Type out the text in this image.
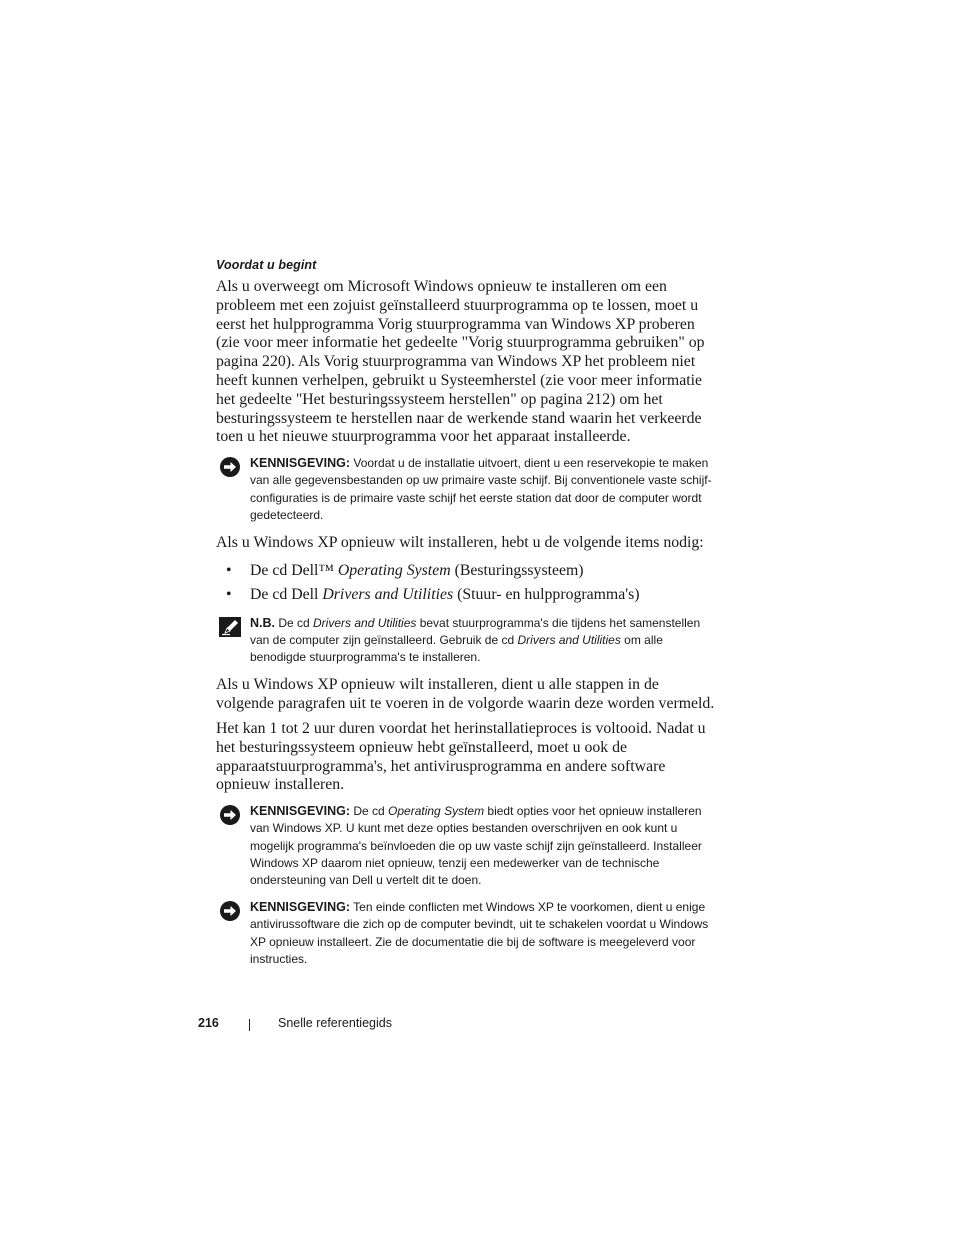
Voordat u begint

Als u overweegt om Microsoft Windows opnieuw te installeren om een probleem met een zojuist geïnstalleerd stuurprogramma op te lossen, moet u eerst het hulpprogramma Vorig stuurprogramma van Windows XP proberen (zie voor meer informatie het gedeelte "Vorig stuurprogramma gebruiken" op pagina 220). Als Vorig stuurprogramma van Windows XP het probleem niet heeft kunnen verhelpen, gebruikt u Systeemherstel (zie voor meer informatie het gedeelte "Het besturingssysteem herstellen" op pagina 212) om het besturingssysteem te herstellen naar de werkende stand waarin het verkeerde toen u het nieuwe stuurprogramma voor het apparaat installeerde.

KENNISGEVING: Voordat u de installatie uitvoert, dient u een reservekopie te maken van alle gegevensbestanden op uw primaire vaste schijf. Bij conventionele vaste schijf-configuraties is de primaire vaste schijf het eerste station dat door de computer wordt gedetecteerd.

Als u Windows XP opnieuw wilt installeren, hebt u de volgende items nodig:

• De cd Dell™ Operating System (Besturingssysteem)
• De cd Dell Drivers and Utilities (Stuur- en hulpprogramma's)
N.B. De cd Drivers and Utilities bevat stuurprogramma's die tijdens het samenstellen van de computer zijn geïnstalleerd. Gebruik de cd Drivers and Utilities om alle benodigde stuurprogramma's te installeren.

Als u Windows XP opnieuw wilt installeren, dient u alle stappen in de volgende paragrafen uit te voeren in de volgorde waarin deze worden vermeld.

Het kan 1 tot 2 uur duren voordat het herinstallatieproces is voltooid. Nadat u het besturingssysteem opnieuw hebt geïnstalleerd, moet u ook de apparaatstuurprogramma's, het antivirusprogramma en andere software opnieuw installeren.

KENNISGEVING: De cd Operating System biedt opties voor het opnieuw installeren van Windows XP. U kunt met deze opties bestanden overschrijven en ook kunt u mogelijk programma's beïnvloeden die op uw vaste schijf zijn geïnstalleerd. Installeer Windows XP daarom niet opnieuw, tenzij een medewerker van de technische ondersteuning van Dell u vertelt dit te doen.
KENNISGEVING: Ten einde conflicten met Windows XP te voorkomen, dient u enige antivirussoftware die zich op de computer bevindt, uit te schakelen voordat u Windows XP opnieuw installeert. Zie de documentatie die bij de software is meegeleverd voor instructies.
216	Snelle referentiegids
